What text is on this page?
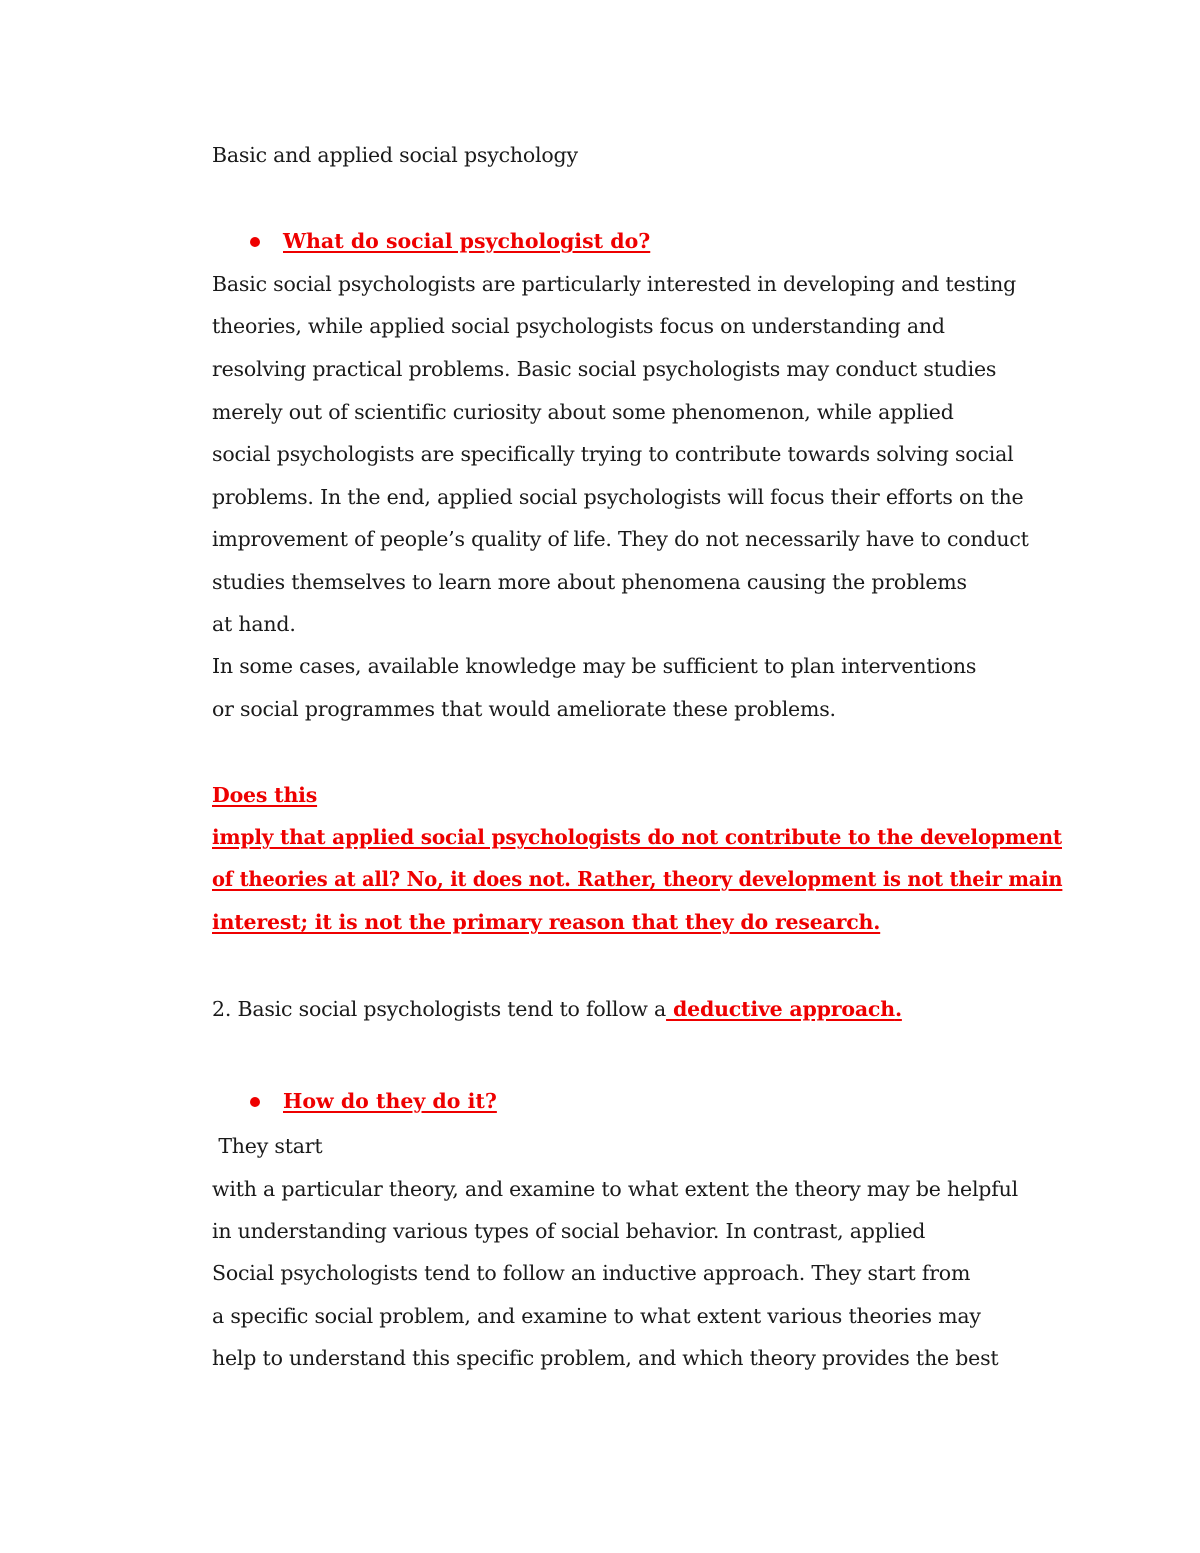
Basic and applied social psychology
What do social psychologist do?
Basic social psychologists are particularly interested in developing and testing
theories, while applied social psychologists focus on understanding and
resolving practical problems. Basic social psychologists may conduct studies
merely out of scientific curiosity about some phenomenon, while applied
social psychologists are specifically trying to contribute towards solving social
problems. In the end, applied social psychologists will focus their efforts on the
improvement of people’s quality of life. They do not necessarily have to conduct
studies themselves to learn more about phenomena causing the problems
at hand.
In some cases, available knowledge may be sufficient to plan interventions
or social programmes that would ameliorate these problems.
Does this
imply that applied social psychologists do not contribute to the development
of theories at all? No, it does not. Rather, theory development is not their main
interest; it is not the primary reason that they do research.
2. Basic social psychologists tend to follow a deductive approach.
How do they do it?
They start
with a particular theory, and examine to what extent the theory may be helpful
in understanding various types of social behavior. In contrast, applied
Social psychologists tend to follow an inductive approach. They start from
a specific social problem, and examine to what extent various theories may
help to understand this specific problem, and which theory provides the best
